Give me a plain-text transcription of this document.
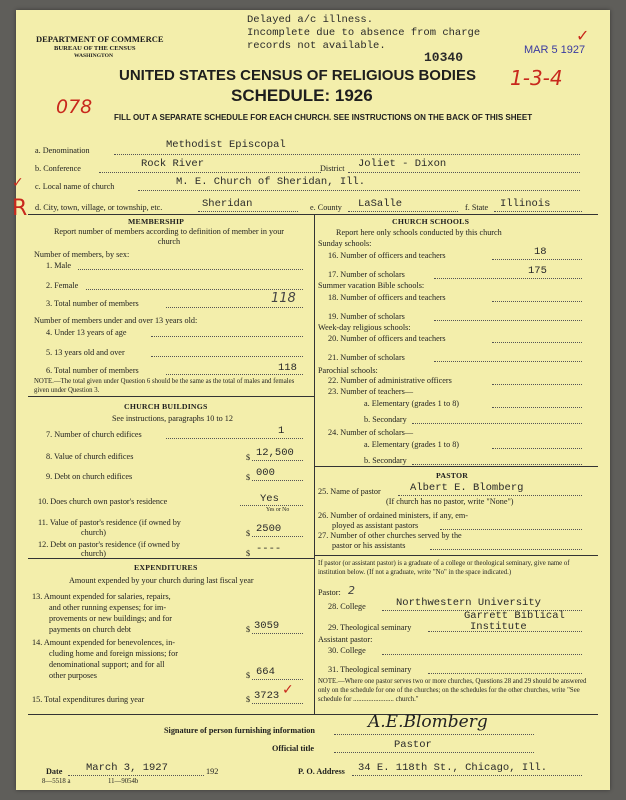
DEPARTMENT OF COMMERCE
BUREAU OF THE CENSUS
WASHINGTON
Delayed a/c illness.
Incomplete due to absence from charge
records not available.
10340	MAR 5 1927
✓
1-3-4
UNITED STATES CENSUS OF RELIGIOUS BODIES
SCHEDULE: 1926
078	FILL OUT A SEPARATE SCHEDULE FOR EACH CHURCH. SEE INSTRUCTIONS ON THE BACK OF THIS SHEET
a. Denomination	Methodist Episcopal
b. Conference	Rock River	District Joliet - Dixon
c. Local name of church	M. E. Church of Sheridan, Ill.
d. City, town, village, or township, etc.	Sheridan	e. County LaSalle	f. State Illinois
✓
R
MEMBERSHIP
Report number of members according to definition of member in your church
Number of members, by sex:
1. Male
2. Female
3. Total number of members	118
Number of members under and over 13 years old:
4. Under 13 years of age
5. 13 years old and over
6. Total number of members	118
NOTE.—The total given under Question 6 should be the same as the total of males and females given under Question 3.
CHURCH BUILDINGS
See instructions, paragraphs 10 to 12
7. Number of church edifices	1
8. Value of church edifices	$ 12,500
9. Debt on church edifices	$ 000
10. Does church own pastor's residence	Yes
Yes or No
11. Value of pastor's residence (if owned by
church)	$ 2500
12. Debt on pastor's residence (if owned by
church)	$ ----
EXPENDITURES
Amount expended by your church during last fiscal year
13. Amount expended for salaries, repairs,
and other running expenses; for im-
provements or new buildings; and for
payments on church debt	$ 3059
14. Amount expended for benevolences, in-
cluding home and foreign missions; for
denominational support; and for all
other purposes	$ 664
15. Total expenditures during year	$ 3723 ✓
CHURCH SCHOOLS
Report here only schools conducted by this church
Sunday schools:
16. Number of officers and teachers	18
17. Number of scholars	175
Summer vacation Bible schools:
18. Number of officers and teachers
19. Number of scholars
Week-day religious schools:
20. Number of officers and teachers
21. Number of scholars
Parochial schools:
22. Number of administrative officers
23. Number of teachers—
a. Elementary (grades 1 to 8)
b. Secondary
24. Number of scholars—
a. Elementary (grades 1 to 8)
b. Secondary
PASTOR
25. Name of pastor	Albert E. Blomberg
(If church has no pastor, write "None")
26. Number of ordained ministers, if any, em-
ployed as assistant pastors
27. Number of other churches served by the
pastor or his assistants
If pastor (or assistant pastor) is a graduate of a college or theological seminary, give name of institution below. (If not a graduate, write "No" in the space indicated.)
Pastor: 2
28. College	Northwestern University
Garrett Biblical
29. Theological seminary	Institute
Assistant pastor:
30. College
31. Theological seminary
NOTE.—Where one pastor serves two or more churches, Questions 28 and 29 should be answered only on the schedule for one of the churches; on the schedules for the other churches, write "See schedule for ........................ church."
Signature of person furnishing information	A.E.Blomberg
Official title	Pastor
Date March 3, 1927	192	P. O. Address 34 E. 118th St., Chicago, Ill.
8—5518 a	11—9054b
